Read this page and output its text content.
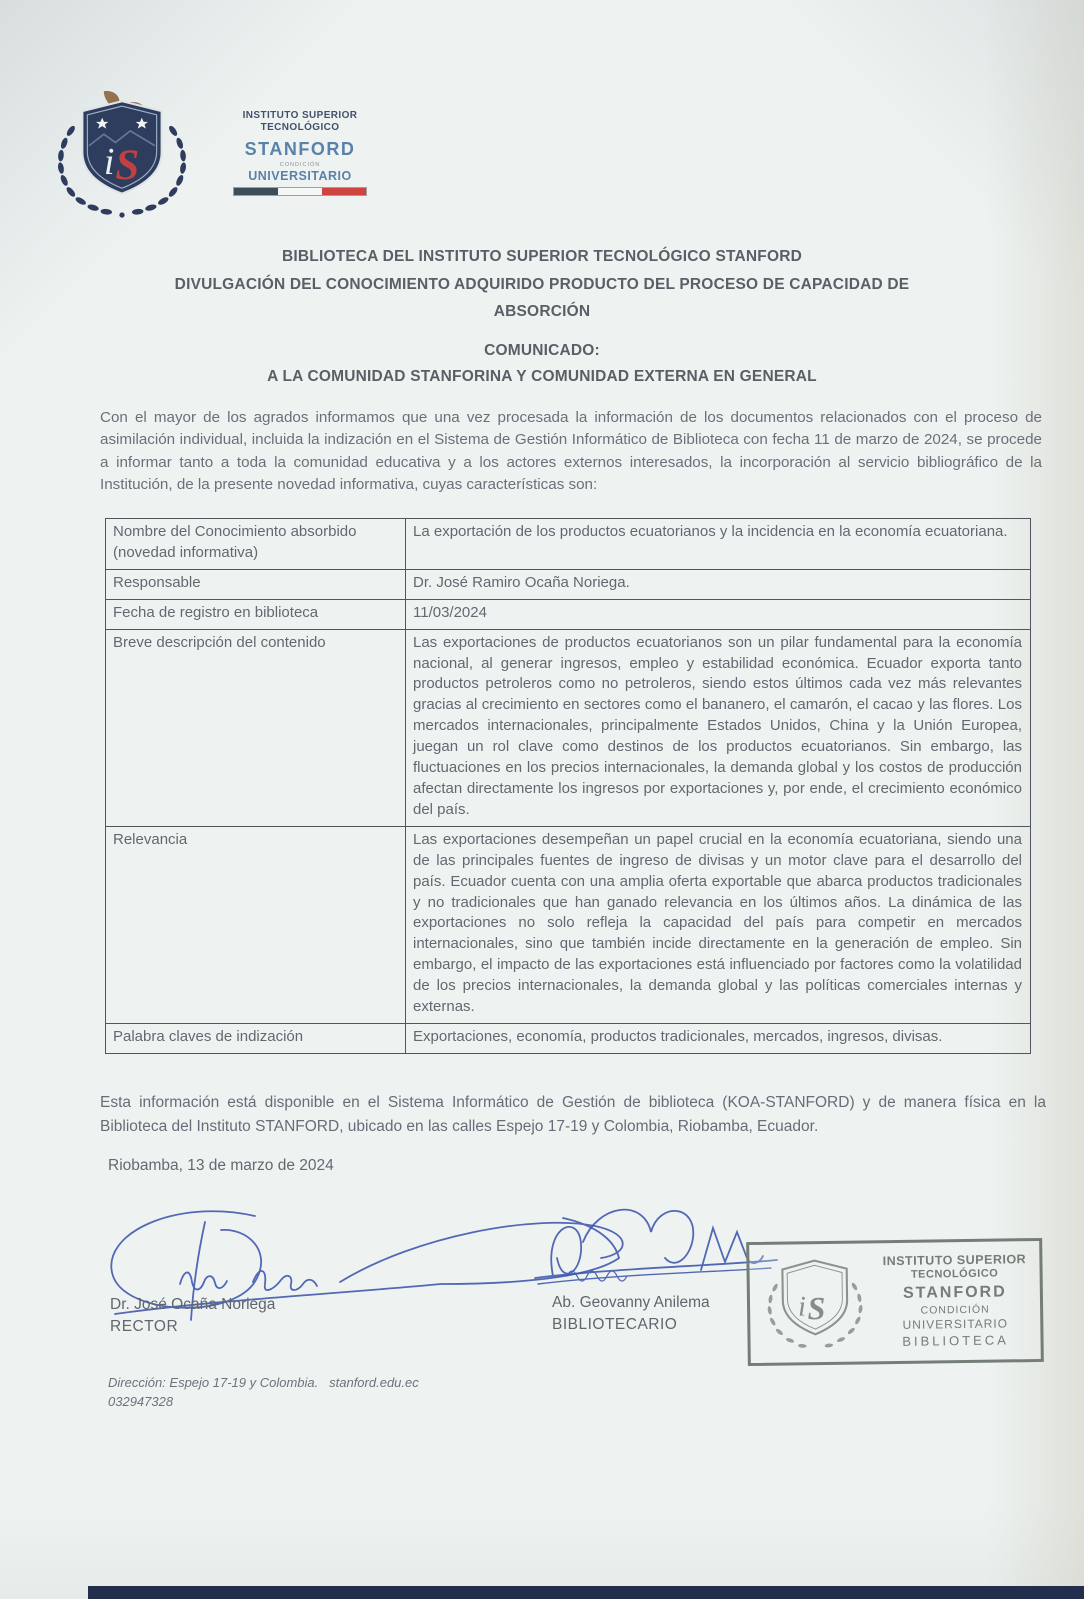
i S
INSTITUTO SUPERIOR
TECNOLÓGICO
STANFORD
CONDICIÓN
UNIVERSITARIO
BIBLIOTECA DEL INSTITUTO SUPERIOR TECNOLÓGICO STANFORD
DIVULGACIÓN DEL CONOCIMIENTO ADQUIRIDO PRODUCTO DEL PROCESO DE CAPACIDAD DE
ABSORCIÓN
COMUNICADO:
A LA COMUNIDAD STANFORINA Y COMUNIDAD EXTERNA EN GENERAL
Con el mayor de los agrados informamos que una vez procesada la información de los documentos relacionados con el proceso de asimilación individual, incluida la indización en el Sistema de Gestión Informático de Biblioteca con fecha 11 de marzo de 2024, se procede a informar tanto a toda la comunidad educativa y a los actores externos interesados, la incorporación al servicio bibliográfico de la Institución, de la presente novedad informativa, cuyas características son:
Nombre del Conocimiento absorbido (novedad informativa)	La exportación de los productos ecuatorianos y la incidencia en la economía ecuatoriana.
Responsable	Dr. José Ramiro Ocaña Noriega.
Fecha de registro en biblioteca	11/03/2024
Breve descripción del contenido	Las exportaciones de productos ecuatorianos son un pilar fundamental para la economía nacional, al generar ingresos, empleo y estabilidad económica. Ecuador exporta tanto productos petroleros como no petroleros, siendo estos últimos cada vez más relevantes gracias al crecimiento en sectores como el bananero, el camarón, el cacao y las flores. Los mercados internacionales, principalmente Estados Unidos, China y la Unión Europea, juegan un rol clave como destinos de los productos ecuatorianos. Sin embargo, las fluctuaciones en los precios internacionales, la demanda global y los costos de producción afectan directamente los ingresos por exportaciones y, por ende, el crecimiento económico del país.
Relevancia	Las exportaciones desempeñan un papel crucial en la economía ecuatoriana, siendo una de las principales fuentes de ingreso de divisas y un motor clave para el desarrollo del país. Ecuador cuenta con una amplia oferta exportable que abarca productos tradicionales y no tradicionales que han ganado relevancia en los últimos años. La dinámica de las exportaciones no solo refleja la capacidad del país para competir en mercados internacionales, sino que también incide directamente en la generación de empleo. Sin embargo, el impacto de las exportaciones está influenciado por factores como la volatilidad de los precios internacionales, la demanda global y las políticas comerciales internas y externas.
Palabra claves de indización	Exportaciones, economía, productos tradicionales, mercados, ingresos, divisas.
Esta información está disponible en el Sistema Informático de Gestión de biblioteca (KOA-STANFORD) y de manera física en la Biblioteca del Instituto STANFORD, ubicado en las calles Espejo 17-19 y Colombia, Riobamba, Ecuador.
Riobamba, 13 de marzo de 2024
Dr. José Ocaña Noriega
RECTOR
Ab. Geovanny Anilema
BIBLIOTECARIO
i S
INSTITUTO SUPERIOR
TECNOLÓGICO
STANFORD
CONDICIÓN
UNIVERSITARIO
BIBLIOTECA
Dirección: Espejo 17-19 y Colombia. stanford.edu.ec
032947328
